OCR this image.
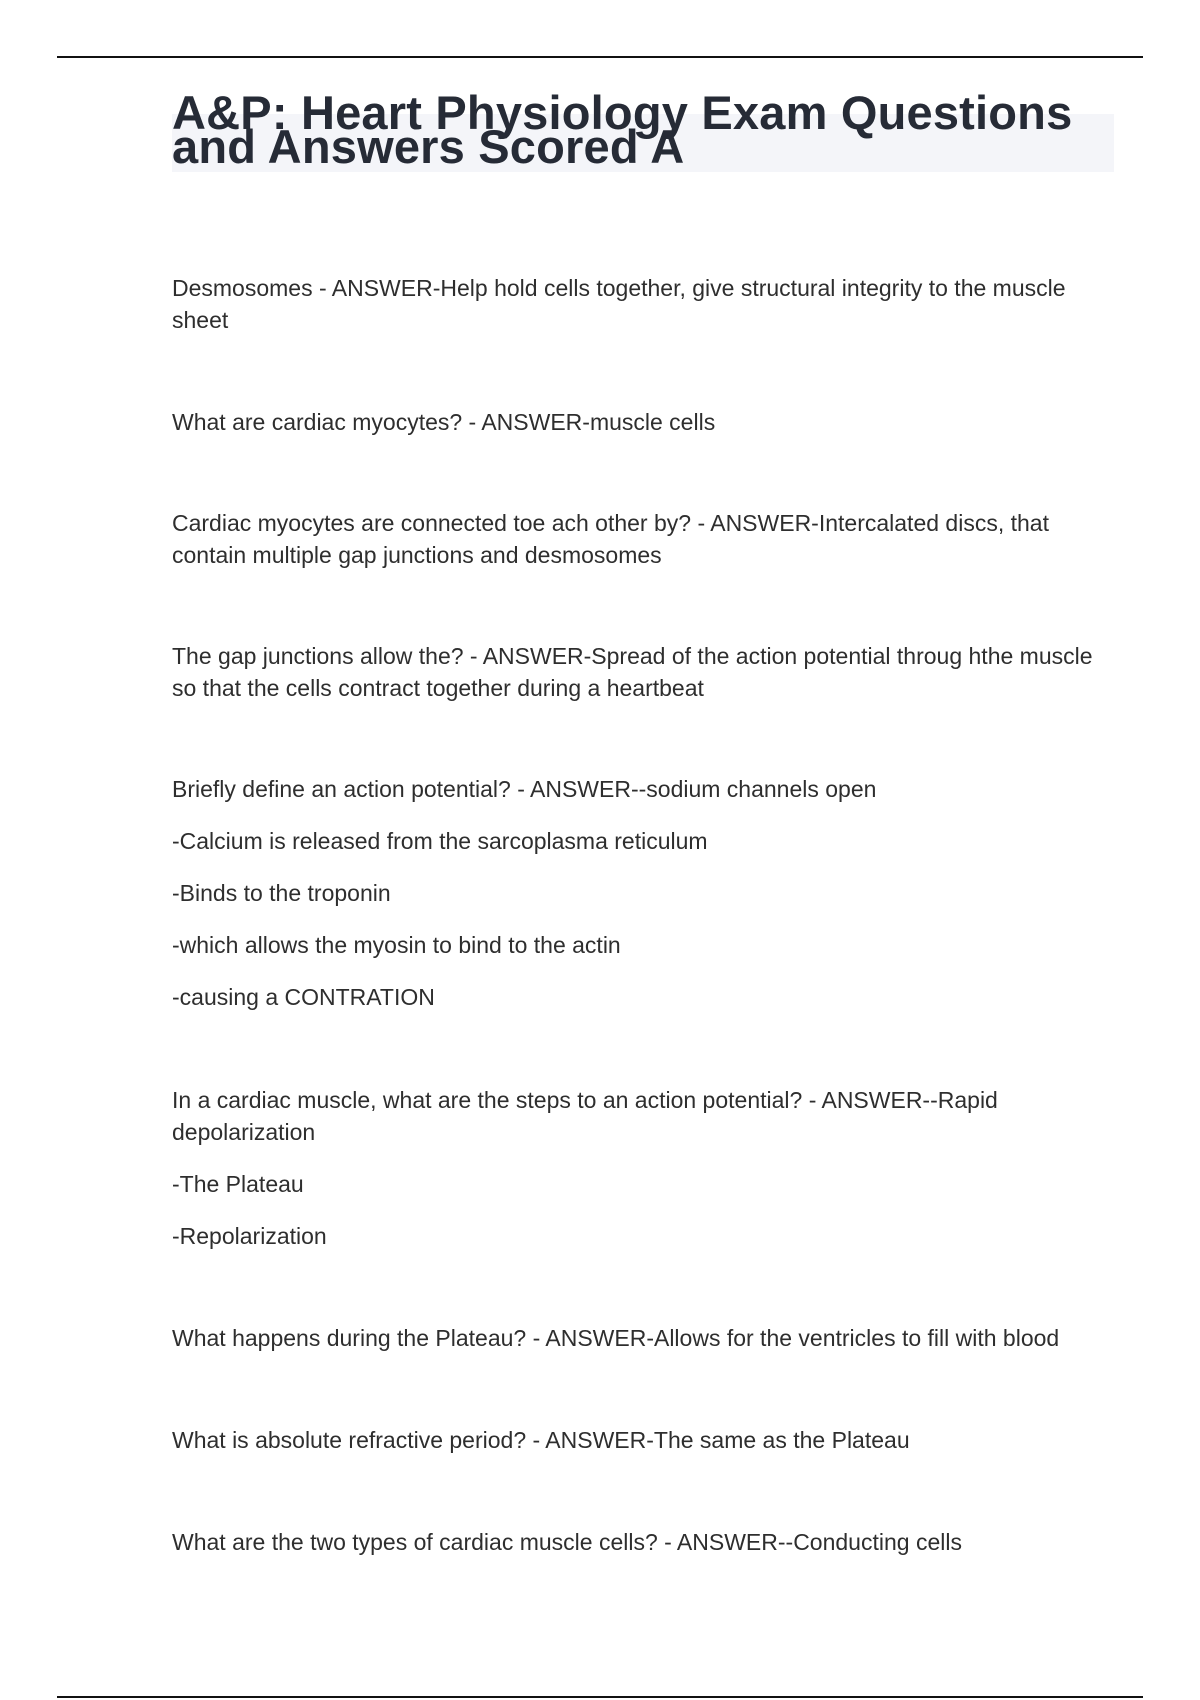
A&P: Heart Physiology Exam Questions and Answers Scored A

Desmosomes - ANSWER-Help hold cells together, give structural integrity to the muscle sheet

What are cardiac myocytes? - ANSWER-muscle cells

Cardiac myocytes are connected toe ach other by? - ANSWER-Intercalated discs, that contain multiple gap junctions and desmosomes

The gap junctions allow the? - ANSWER-Spread of the action potential throug hthe muscle so that the cells contract together during a heartbeat

Briefly define an action potential? - ANSWER--sodium channels open

-Calcium is released from the sarcoplasma reticulum

-Binds to the troponin

-which allows the myosin to bind to the actin

-causing a CONTRATION

In a cardiac muscle, what are the steps to an action potential? - ANSWER--Rapid depolarization

-The Plateau

-Repolarization

What happens during the Plateau? - ANSWER-Allows for the ventricles to fill with blood

What is absolute refractive period? - ANSWER-The same as the Plateau

What are the two types of cardiac muscle cells? - ANSWER--Conducting cells
